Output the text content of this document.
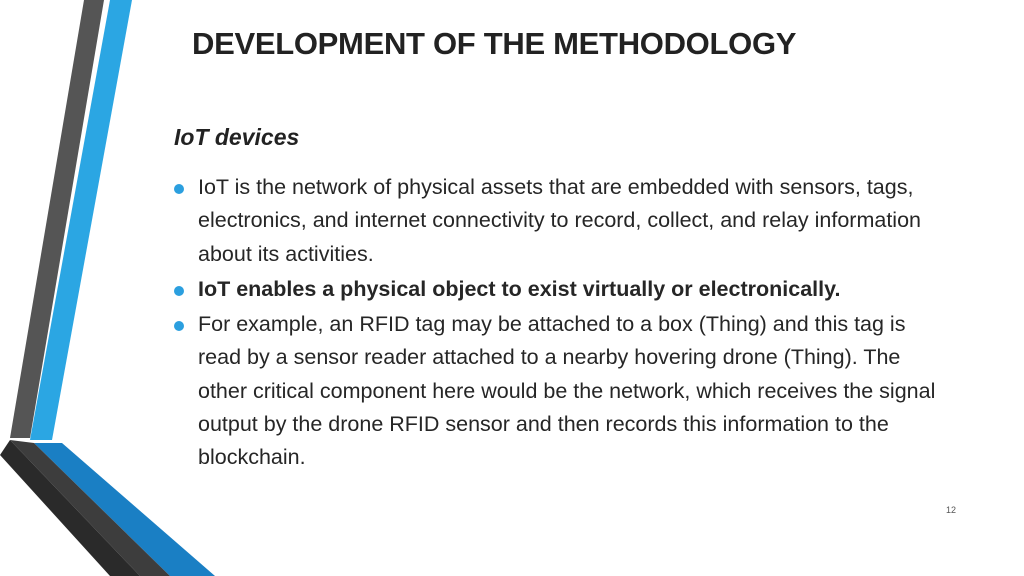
DEVELOPMENT OF THE METHODOLOGY
IoT devices
IoT is the network of physical assets that are embedded with sensors, tags, electronics, and internet connectivity to record, collect, and relay information about its activities.
IoT enables a physical object to exist virtually or electronically.
For example, an RFID tag may be attached to a box (Thing) and this tag is read by a sensor reader attached to a nearby hovering drone (Thing). The other critical component here would be the network, which receives the signal output by the drone RFID sensor and then records this information to the blockchain.
12
